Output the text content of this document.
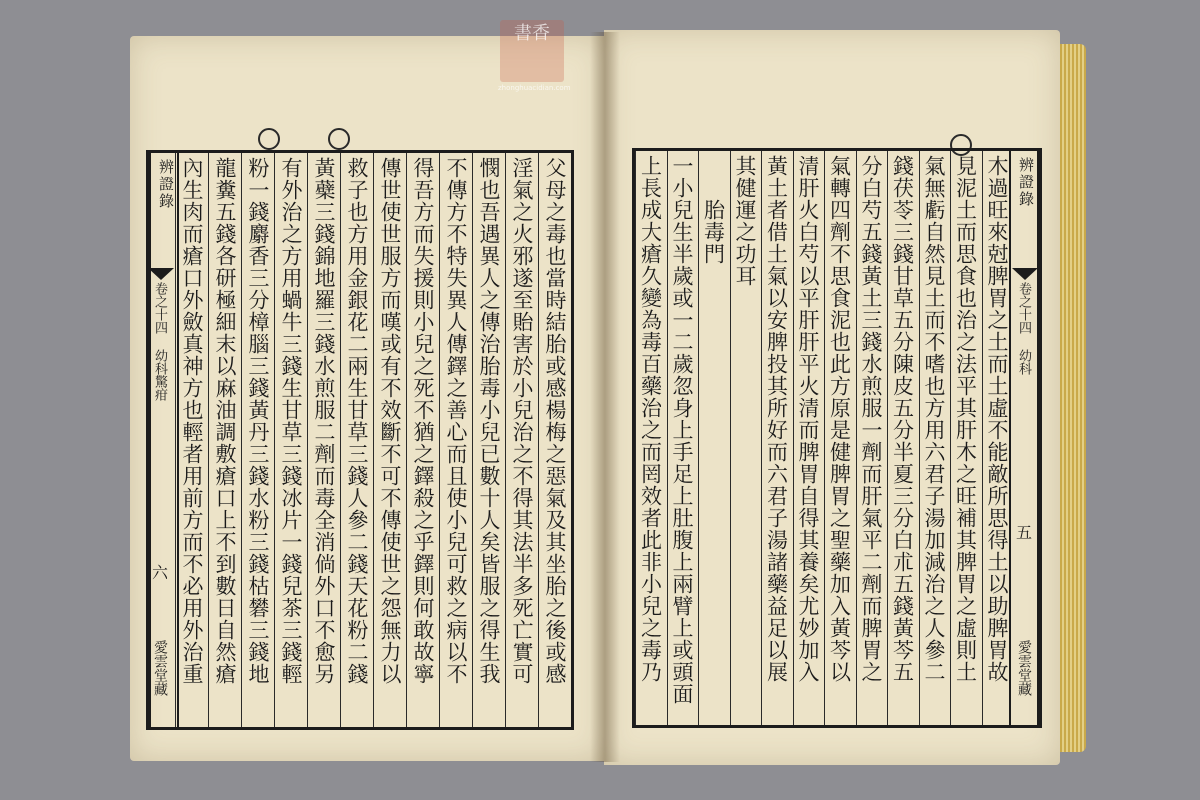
書香
zhonghuacidian.com
辨證錄	父母之毒也當時結胎或感楊梅之惡氣及其坐胎之後或感
淫氣之火邪遂至貽害於小兒治之不得其法半多死亡實可
憫也吾遇異人之傳治胎毒小兒已數十人矣皆服之得生我
不傳方不特失異人傳鐸之善心而且使小兒可救之病以不
得吾方而失援則小兒之死不猶之鐸殺之乎鐸則何敢故寧
傳世使世服方而嘆或有不效斷不可不傳使世之怨無力以
救子也方用金銀花二兩生甘草三錢人參二錢天花粉二錢
黃蘗三錢錦地羅三錢水煎服二劑而毒全消倘外口不愈另
有外治之方用蝸牛三錢生甘草三錢冰片一錢兒茶三錢輕
粉一錢麝香三分樟腦三錢黃丹三錢水粉三錢枯礬三錢地
龍糞五錢各研極細末以麻油調敷瘡口上不到數日自然瘡
內生肉而瘡口外斂真神方也輕者用前方而不必用外治重
卷之十四 幼科驚疳
六
愛雲堂藏
辨證錄
木過旺來尅脾胃之土而土虛不能敵所思得土以助脾胃故
見泥土而思食也治之法平其肝木之旺補其脾胃之虛則土
氣無虧自然見土而不嗜也方用六君子湯加減治之人參二
錢茯苓三錢甘草五分陳皮五分半夏三分白朮五錢黃芩五
分白芍五錢黃土三錢水煎服一劑而肝氣平二劑而脾胃之
氣轉四劑不思食泥也此方原是健脾胃之聖藥加入黃芩以
清肝火白芍以平肝肝平火清而脾胃自得其養矣尤妙加入
黃土者借土氣以安脾投其所好而六君子湯諸藥益足以展
其健運之功耳
　　胎毒門
一小兒生半歲或一二歲忽身上手足上肚腹上兩臂上或頭面
上長成大瘡久變為毒百藥治之而罔效者此非小兒之毒乃	卷之十四 幼科
五
愛雲堂藏
